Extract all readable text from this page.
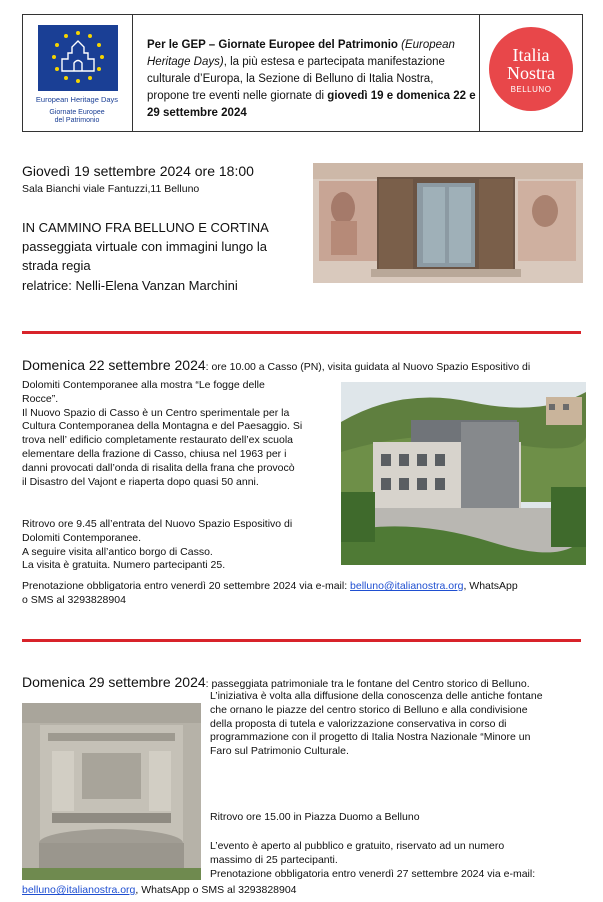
European Heritage Days
Giornate Europee
del Patrimonio
Per le GEP – Giornate Europee del Patrimonio (European Heritage Days), la più estesa e partecipata manifestazione culturale d’Europa, la Sezione di Belluno di Italia Nostra, propone tre eventi nelle giornate di giovedì 19 e domenica 22 e 29 settembre 2024
Italia
Nostra
BELLUNO
Giovedì 19 settembre 2024 ore 18:00
Sala Bianchi viale Fantuzzi,11 Belluno
IN CAMMINO FRA BELLUNO E CORTINA
passeggiata virtuale con immagini lungo la
strada regia
relatrice: Nelli-Elena Vanzan Marchini
Domenica 22 settembre 2024: ore 10.00 a Casso (PN), visita guidata al Nuovo Spazio Espositivo di
Dolomiti Contemporanee alla mostra “Le fogge delle
Rocce”.
Il Nuovo Spazio di Casso è un Centro sperimentale per la
Cultura Contemporanea della Montagna e del Paesaggio. Si
trova nell’ edificio completamente restaurato dell’ex scuola
elementare della frazione di Casso, chiusa nel 1963 per i
danni provocati dall’onda di risalita della frana che provocò
il Disastro del Vajont e riaperta dopo quasi 50 anni.
Ritrovo ore 9.45 all’entrata del Nuovo Spazio Espositivo di
Dolomiti Contemporanee.
A seguire visita all’antico borgo di Casso.
La visita è gratuita. Numero partecipanti 25.
Prenotazione obbligatoria entro venerdì 20 settembre 2024 via e-mail: belluno@italianostra.org, WhatsApp
o SMS al 3293828904
Domenica 29 settembre 2024: passeggiata patrimoniale tra le fontane del Centro storico di Belluno.
L’iniziativa è volta alla diffusione della conoscenza delle antiche fontane
che ornano le piazze del centro storico di Belluno e alla condivisione
della proposta di tutela e valorizzazione conservativa in corso di
programmazione con il progetto di Italia Nostra Nazionale “Minore un
Faro sul Patrimonio Culturale.
Ritrovo ore 15.00 in Piazza Duomo a Belluno
L’evento è aperto al pubblico e gratuito, riservato ad un numero
massimo di 25 partecipanti.
Prenotazione obbligatoria entro venerdì 27 settembre 2024 via e-mail:
belluno@italianostra.org, WhatsApp o SMS al 3293828904
